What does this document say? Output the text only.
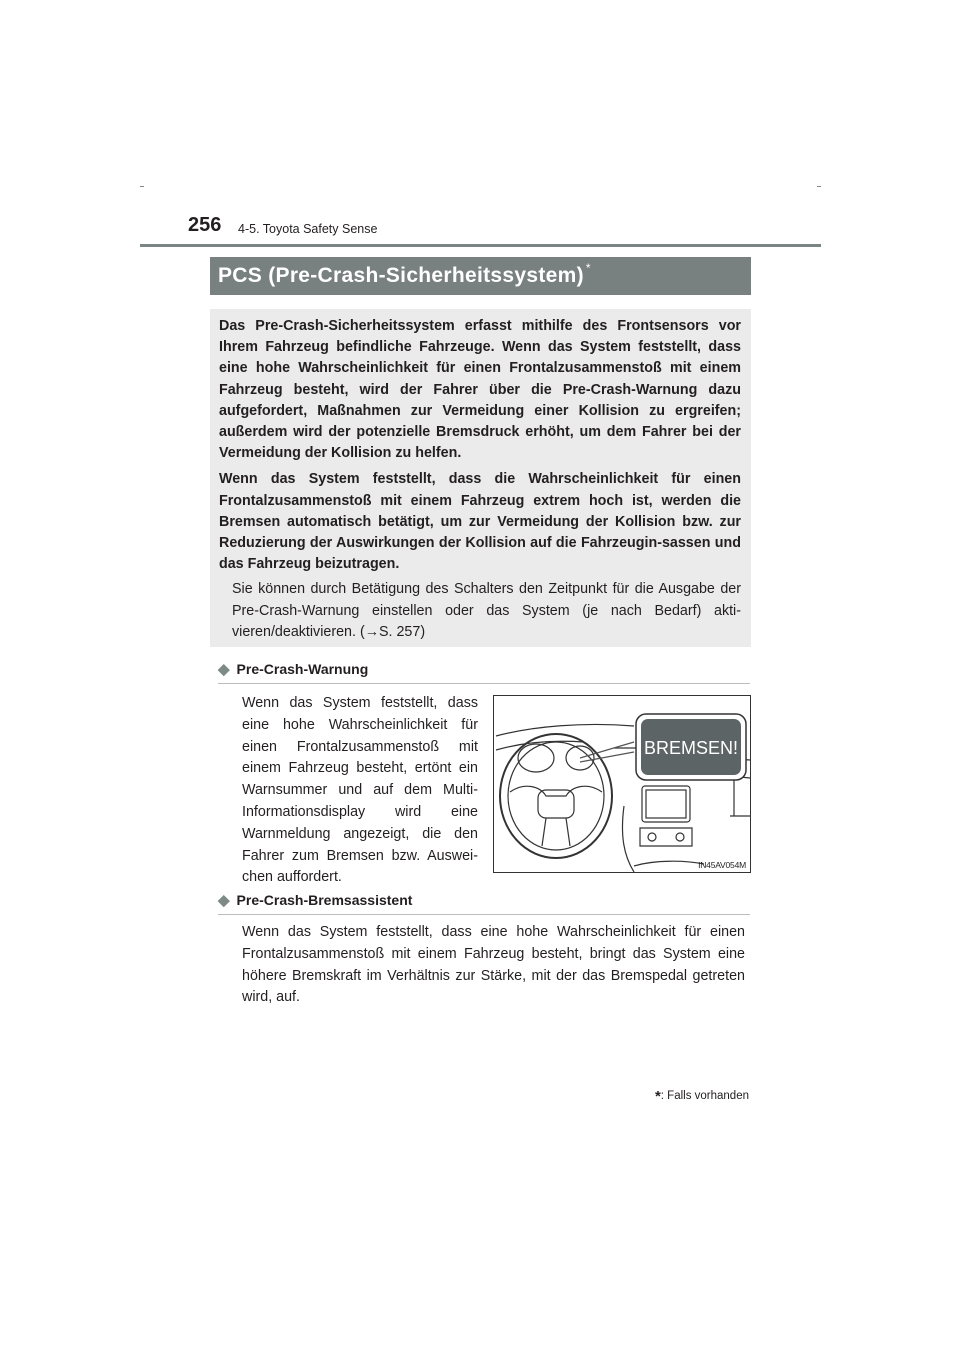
256 4-5. Toyota Safety Sense
PCS (Pre-Crash-Sicherheitssystem) *

Das Pre-Crash-Sicherheitssystem erfasst mithilfe des Frontsensors vor Ihrem Fahrzeug befindliche Fahrzeuge. Wenn das System feststellt, dass eine hohe Wahrscheinlichkeit für einen Frontalzusammenstoß mit einem Fahrzeug besteht, wird der Fahrer über die Pre-Crash-Warnung dazu aufgefordert, Maßnahmen zur Vermeidung einer Kollision zu ergreifen; außerdem wird der potenzielle Bremsdruck erhöht, um dem Fahrer bei der Vermeidung der Kollision zu helfen.

Wenn das System feststellt, dass die Wahrscheinlichkeit für einen Frontalzusammenstoß mit einem Fahrzeug extrem hoch ist, werden die Bremsen automatisch betätigt, um zur Vermeidung der Kollision bzw. zur Reduzierung der Auswirkungen der Kollision auf die Fahrzeugin-sassen und das Fahrzeug beizutragen.

Sie können durch Betätigung des Schalters den Zeitpunkt für die Ausgabe der Pre-Crash-Warnung einstellen oder das System (je nach Bedarf) akti-vieren/deaktivieren. (→S. 257)

◆ Pre-Crash-Warnung
Wenn das System feststellt, dass eine hohe Wahrscheinlichkeit für einen Frontalzusammenstoß mit einem Fahrzeug besteht, ertönt ein Warnsummer und auf dem Multi-Informationsdisplay wird eine Warnmeldung angezeigt, die den Fahrer zum Bremsen bzw. Auswei-chen auffordert.
BREMSEN!
IN45AV054M
◆ Pre-Crash-Bremsassistent
Wenn das System feststellt, dass eine hohe Wahrscheinlichkeit für einen Frontalzusammenstoß mit einem Fahrzeug besteht, bringt das System eine höhere Bremskraft im Verhältnis zur Stärke, mit der das Bremspedal getreten wird, auf.
*: Falls vorhanden
